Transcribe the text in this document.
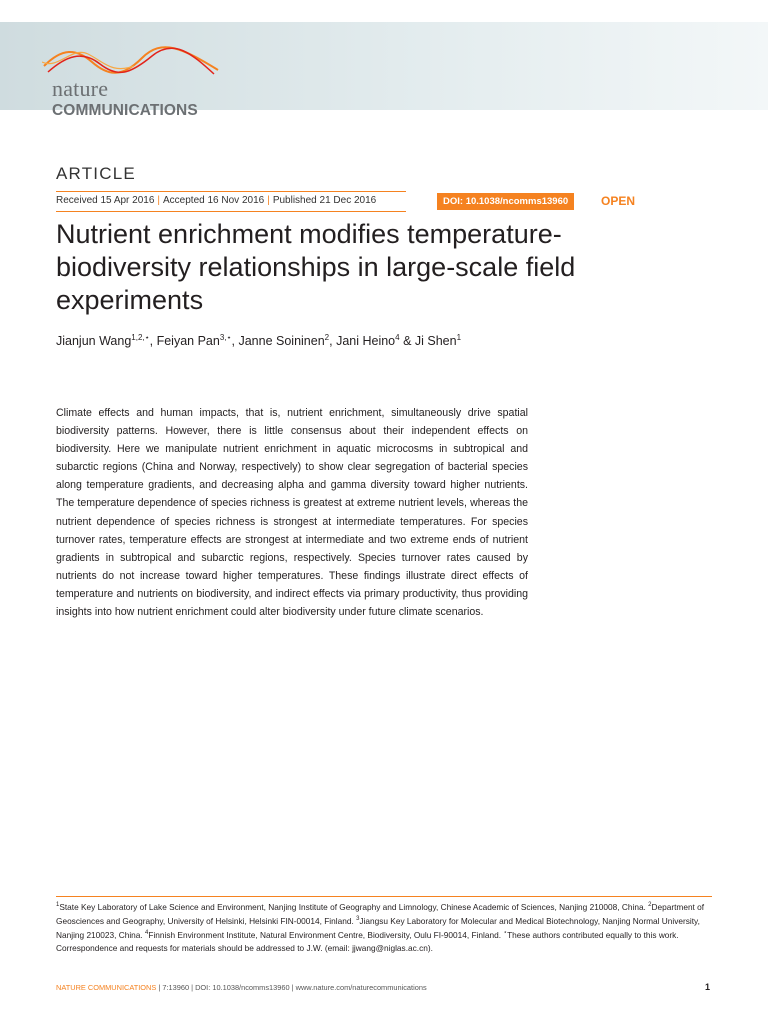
nature
COMMUNICATIONS
ARTICLE
Received 15 Apr 2016 | Accepted 16 Nov 2016 | Published 21 Dec 2016	DOI: 10.1038/ncomms13960	OPEN
Nutrient enrichment modifies temperature-biodiversity relationships in large-scale field experiments
Jianjun Wang$^{1,2,⋆}$, Feiyan Pan$^{3,⋆}$, Janne Soininen$^2$, Jani Heino$^4$ & Ji Shen$^1$

Climate effects and human impacts, that is, nutrient enrichment, simultaneously drive spatial biodiversity patterns. However, there is little consensus about their independent effects on biodiversity. Here we manipulate nutrient enrichment in aquatic microcosms in subtropical and subarctic regions (China and Norway, respectively) to show clear segregation of bacterial species along temperature gradients, and decreasing alpha and gamma diversity toward higher nutrients. The temperature dependence of species richness is greatest at extreme nutrient levels, whereas the nutrient dependence of species richness is strongest at intermediate temperatures. For species turnover rates, temperature effects are strongest at intermediate and two extreme ends of nutrient gradients in subtropical and subarctic regions, respectively. Species turnover rates caused by nutrients do not increase toward higher temperatures. These findings illustrate direct effects of temperature and nutrients on biodiversity, and indirect effects via primary productivity, thus providing insights into how nutrient enrichment could alter biodiversity under future climate scenarios.

$^1$State Key Laboratory of Lake Science and Environment, Nanjing Institute of Geography and Limnology, Chinese Academic of Sciences, Nanjing 210008, China. $^2$Department of Geosciences and Geography, University of Helsinki, Helsinki FIN-00014, Finland. $^3$Jiangsu Key Laboratory for Molecular and Medical Biotechnology, Nanjing Normal University, Nanjing 210023, China. $^4$Finnish Environment Institute, Natural Environment Centre, Biodiversity, Oulu FI-90014, Finland. ⋆These authors contributed equally to this work. Correspondence and requests for materials should be addressed to J.W. (email: jjwang@niglas.ac.cn).

NATURE COMMUNICATIONS | 7:13960 | DOI: 10.1038/ncomms13960 | www.nature.com/naturecommunications	1
